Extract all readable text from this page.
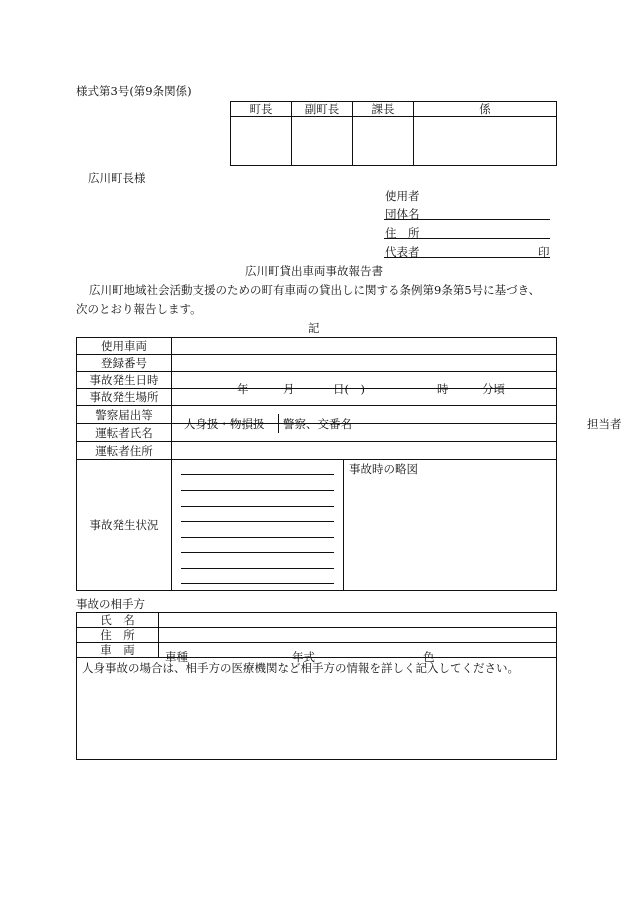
様式第3号(第9条関係)
町長	副町長	課長	係

広川町長様
使用者
団体名
住　所
代表者	印
広川町貸出車両事故報告書
広川町地域社会活動支援のための町有車両の貸出しに関する条例第9条第5号に基づき、
次のとおり報告します。
記
使用車両		
登録番号		
事故発生日時	年 月 日(　) 時 分頃	

事故発生場所		
警察届出等	人身扱・物損扱 警察、交番名 担当者	

運転者氏名		
運転者住所		
事故発生状況		事故時の略図
事故の相手方
氏　名	
住　所	
車　両	車種 年式 色

人身事故の場合は、相手方の医療機関など相手方の情報を詳しく記入してください。	
